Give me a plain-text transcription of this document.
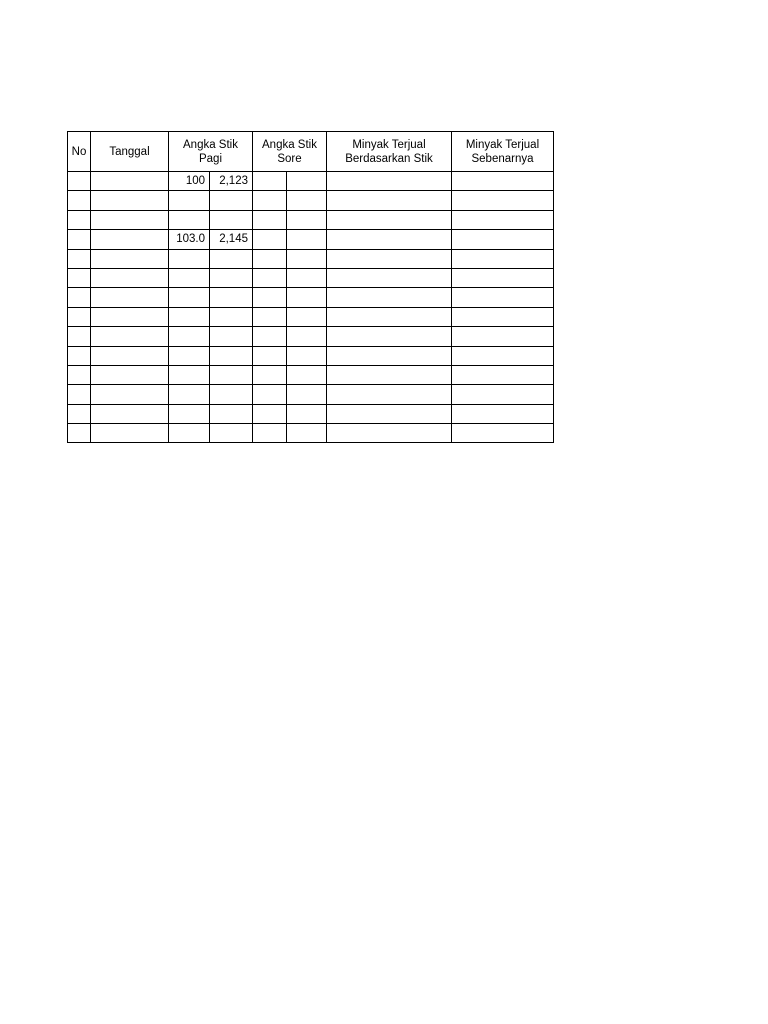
No	Tanggal	Angka Stik Pagi		Angka Stik Sore		Minyak Terjual Berdasarkan Stik	Minyak Terjual Sebenarnya
		100	2,123				

		103.0	2,145				
